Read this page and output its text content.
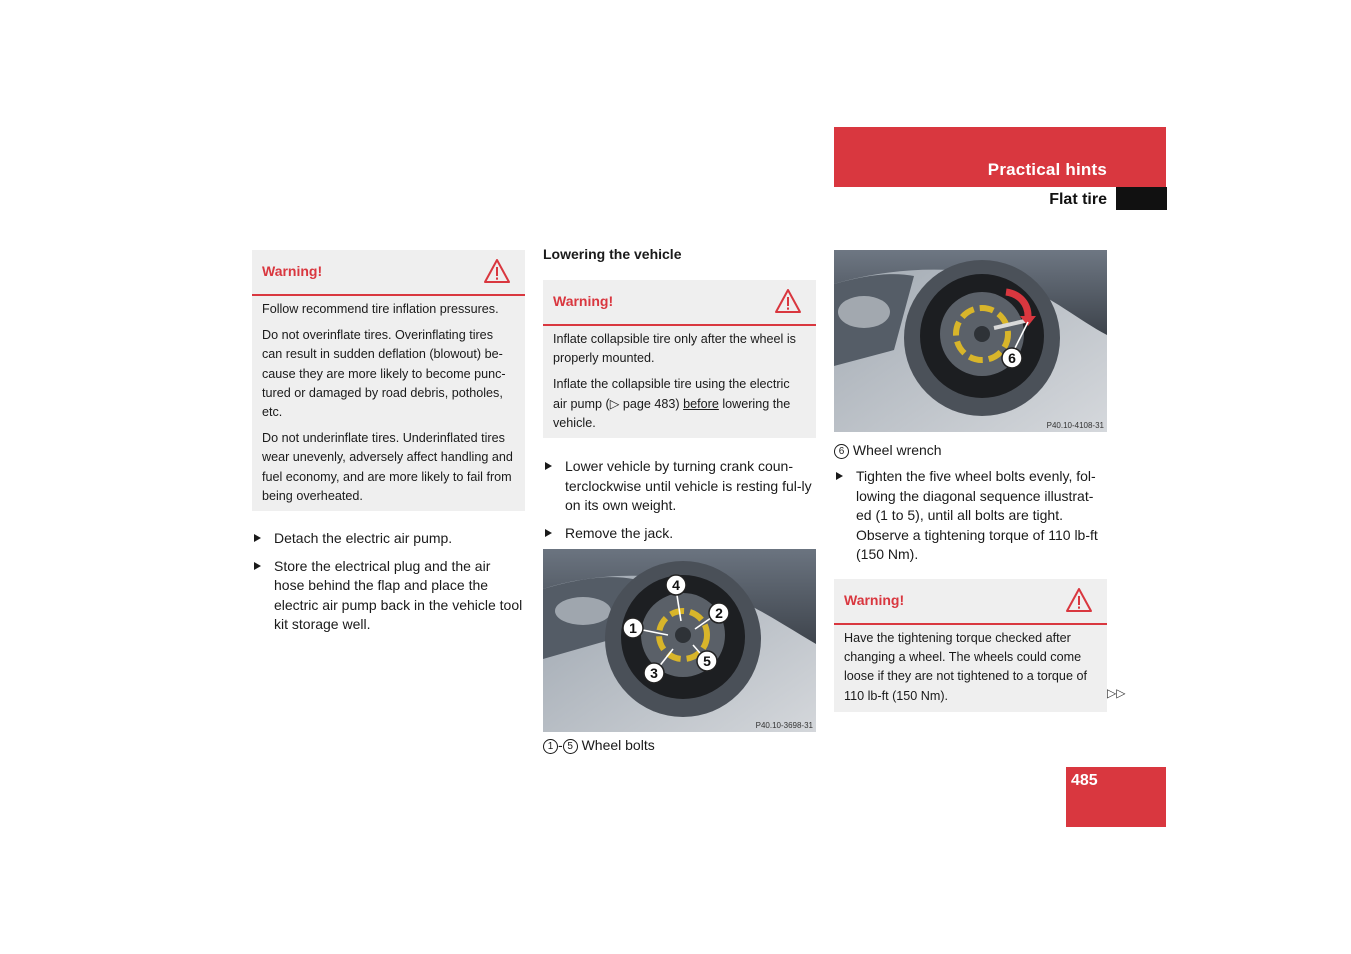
Practical hints
Flat tire
Warning!

Follow recommend tire inflation pressures.

Do not overinflate tires. Overinflating tires can result in sudden deflation (blowout) be-cause they are more likely to become punc-tured or damaged by road debris, potholes, etc.

Do not underinflate tires. Underinflated tires wear unevenly, adversely affect handling and fuel economy, and are more likely to fail from being overheated.

Detach the electric air pump.
Store the electrical plug and the air hose behind the flap and place the electric air pump back in the vehicle tool kit storage well.
Lowering the vehicle
Warning!

Inflate collapsible tire only after the wheel is properly mounted.

Inflate the collapsible tire using the electric air pump (▷ page 483) before lowering the vehicle.

Lower vehicle by turning crank coun-terclockwise until vehicle is resting ful-ly on its own weight.
Remove the jack.
4
2
1
3
5
P40.10-3698-31
1 - 5 Wheel bolts
6
P40.10-4108-31
6 Wheel wrench
Tighten the five wheel bolts evenly, fol-lowing the diagonal sequence illustrat-ed (1 to 5), until all bolts are tight. Observe a tightening torque of 110 lb-ft (150 Nm).
Warning!

Have the tightening torque checked after changing a wheel. The wheels could come loose if they are not tightened to a torque of 110 lb-ft (150 Nm).	▷▷
485
